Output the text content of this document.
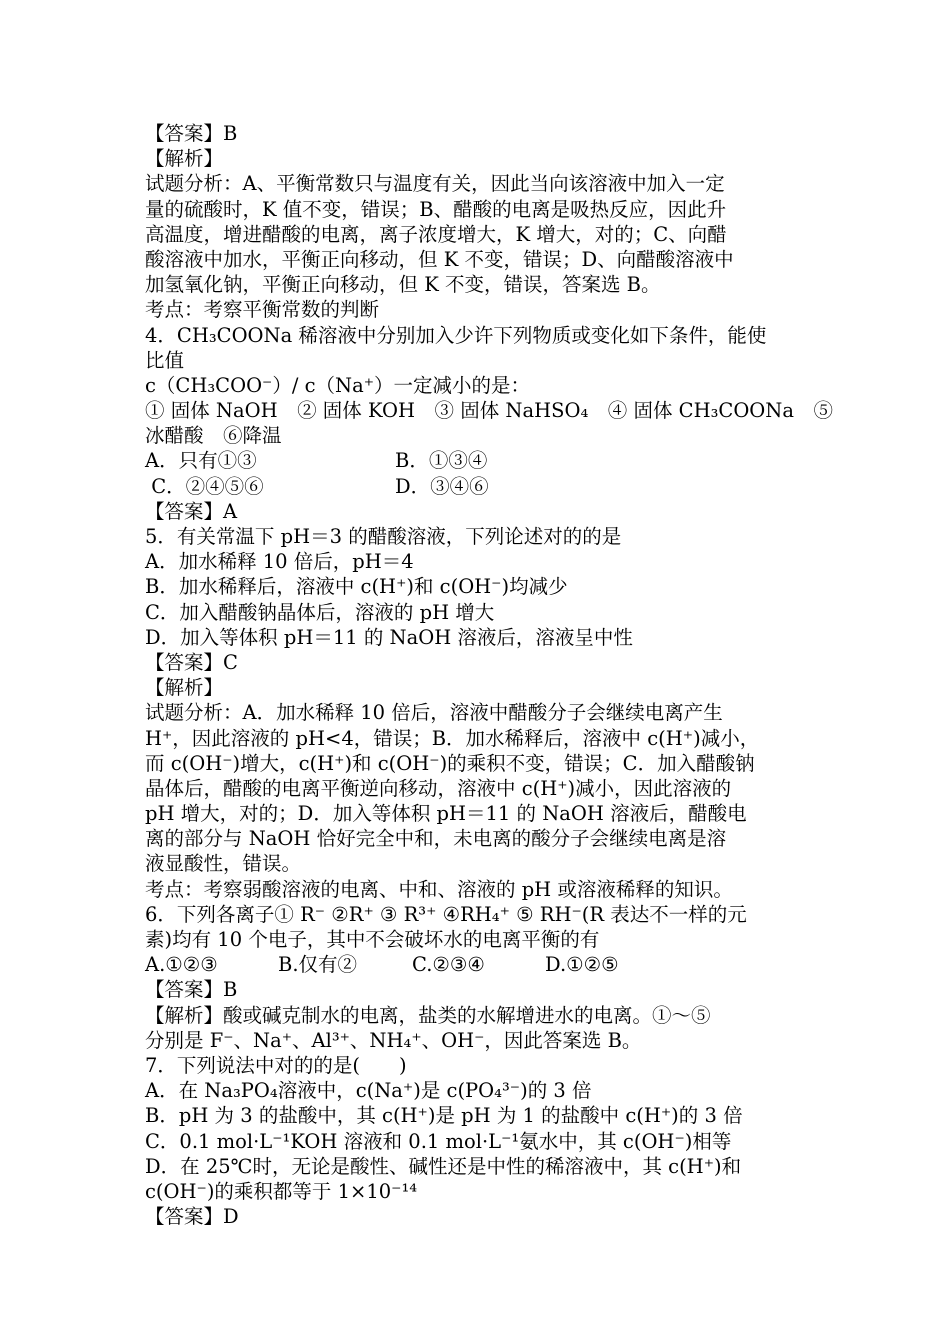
【答案】B
【解析】
试题分析：A、平衡常数只与温度有关，因此当向该溶液中加入一定
量的硫酸时，K 值不变，错误；B、醋酸的电离是吸热反应，因此升
高温度，增进醋酸的电离，离子浓度增大，K 增大，对的；C、向醋
酸溶液中加水，平衡正向移动，但 K 不变，错误；D、向醋酸溶液中
加氢氧化钠，平衡正向移动，但 K 不变，错误，答案选 B。
考点：考察平衡常数的判断
4．CH₃COONa 稀溶液中分别加入少许下列物质或变化如下条件，能使
比值
c（CH₃COO⁻）/ c（Na⁺）一定减小的是：
① 固体 NaOH　② 固体 KOH　③ 固体 NaHSO₄　④ 固体 CH₃COONa　⑤
冰醋酸　⑥降温

A．只有①③

	B．①③④

C．②④⑤⑥

	D．③④⑥

【答案】A
5．有关常温下 pH＝3 的醋酸溶液，下列论述对的的是
A．加水稀释 10 倍后，pH＝4
B．加水稀释后，溶液中 c(H⁺)和 c(OH⁻)均减少
C．加入醋酸钠晶体后，溶液的 pH 增大
D．加入等体积 pH＝11 的 NaOH 溶液后，溶液呈中性
【答案】C
【解析】
试题分析：A．加水稀释 10 倍后，溶液中醋酸分子会继续电离产生
H⁺，因此溶液的 pH<4，错误；B．加水稀释后，溶液中 c(H⁺)减小，
而 c(OH⁻)增大，c(H⁺)和 c(OH⁻)的乘积不变，错误；C．加入醋酸钠
晶体后，醋酸的电离平衡逆向移动，溶液中 c(H⁺)减小，因此溶液的
pH 增大，对的；D．加入等体积 pH＝11 的 NaOH 溶液后，醋酸电
离的部分与 NaOH 恰好完全中和，未电离的酸分子会继续电离是溶
液显酸性，错误。
考点：考察弱酸溶液的电离、中和、溶液的 pH 或溶液稀释的知识。
6．下列各离子① R⁻ ②R⁺ ③ R³⁺ ④RH₄⁺ ⑤ RH⁻(R 表达不一样的元
素)均有 10 个电子，其中不会破坏水的电离平衡的有

A.①②③

	B.仅有②

	C.②③④

	D.①②⑤

【答案】B
【解析】酸或碱克制水的电离，盐类的水解增进水的电离。①～⑤
分别是 F⁻、Na⁺、Al³⁺、NH₄⁺、OH⁻，因此答案选 B。
7．下列说法中对的的是(　　)
A．在 Na₃PO₄溶液中，c(Na⁺)是 c(PO₄³⁻)的 3 倍
B．pH 为 3 的盐酸中，其 c(H⁺)是 pH 为 1 的盐酸中 c(H⁺)的 3 倍
C．0.1 mol·L⁻¹KOH 溶液和 0.1 mol·L⁻¹氨水中，其 c(OH⁻)相等
D．在 25℃时，无论是酸性、碱性还是中性的稀溶液中，其 c(H⁺)和
c(OH⁻)的乘积都等于 1×10⁻¹⁴
【答案】D
